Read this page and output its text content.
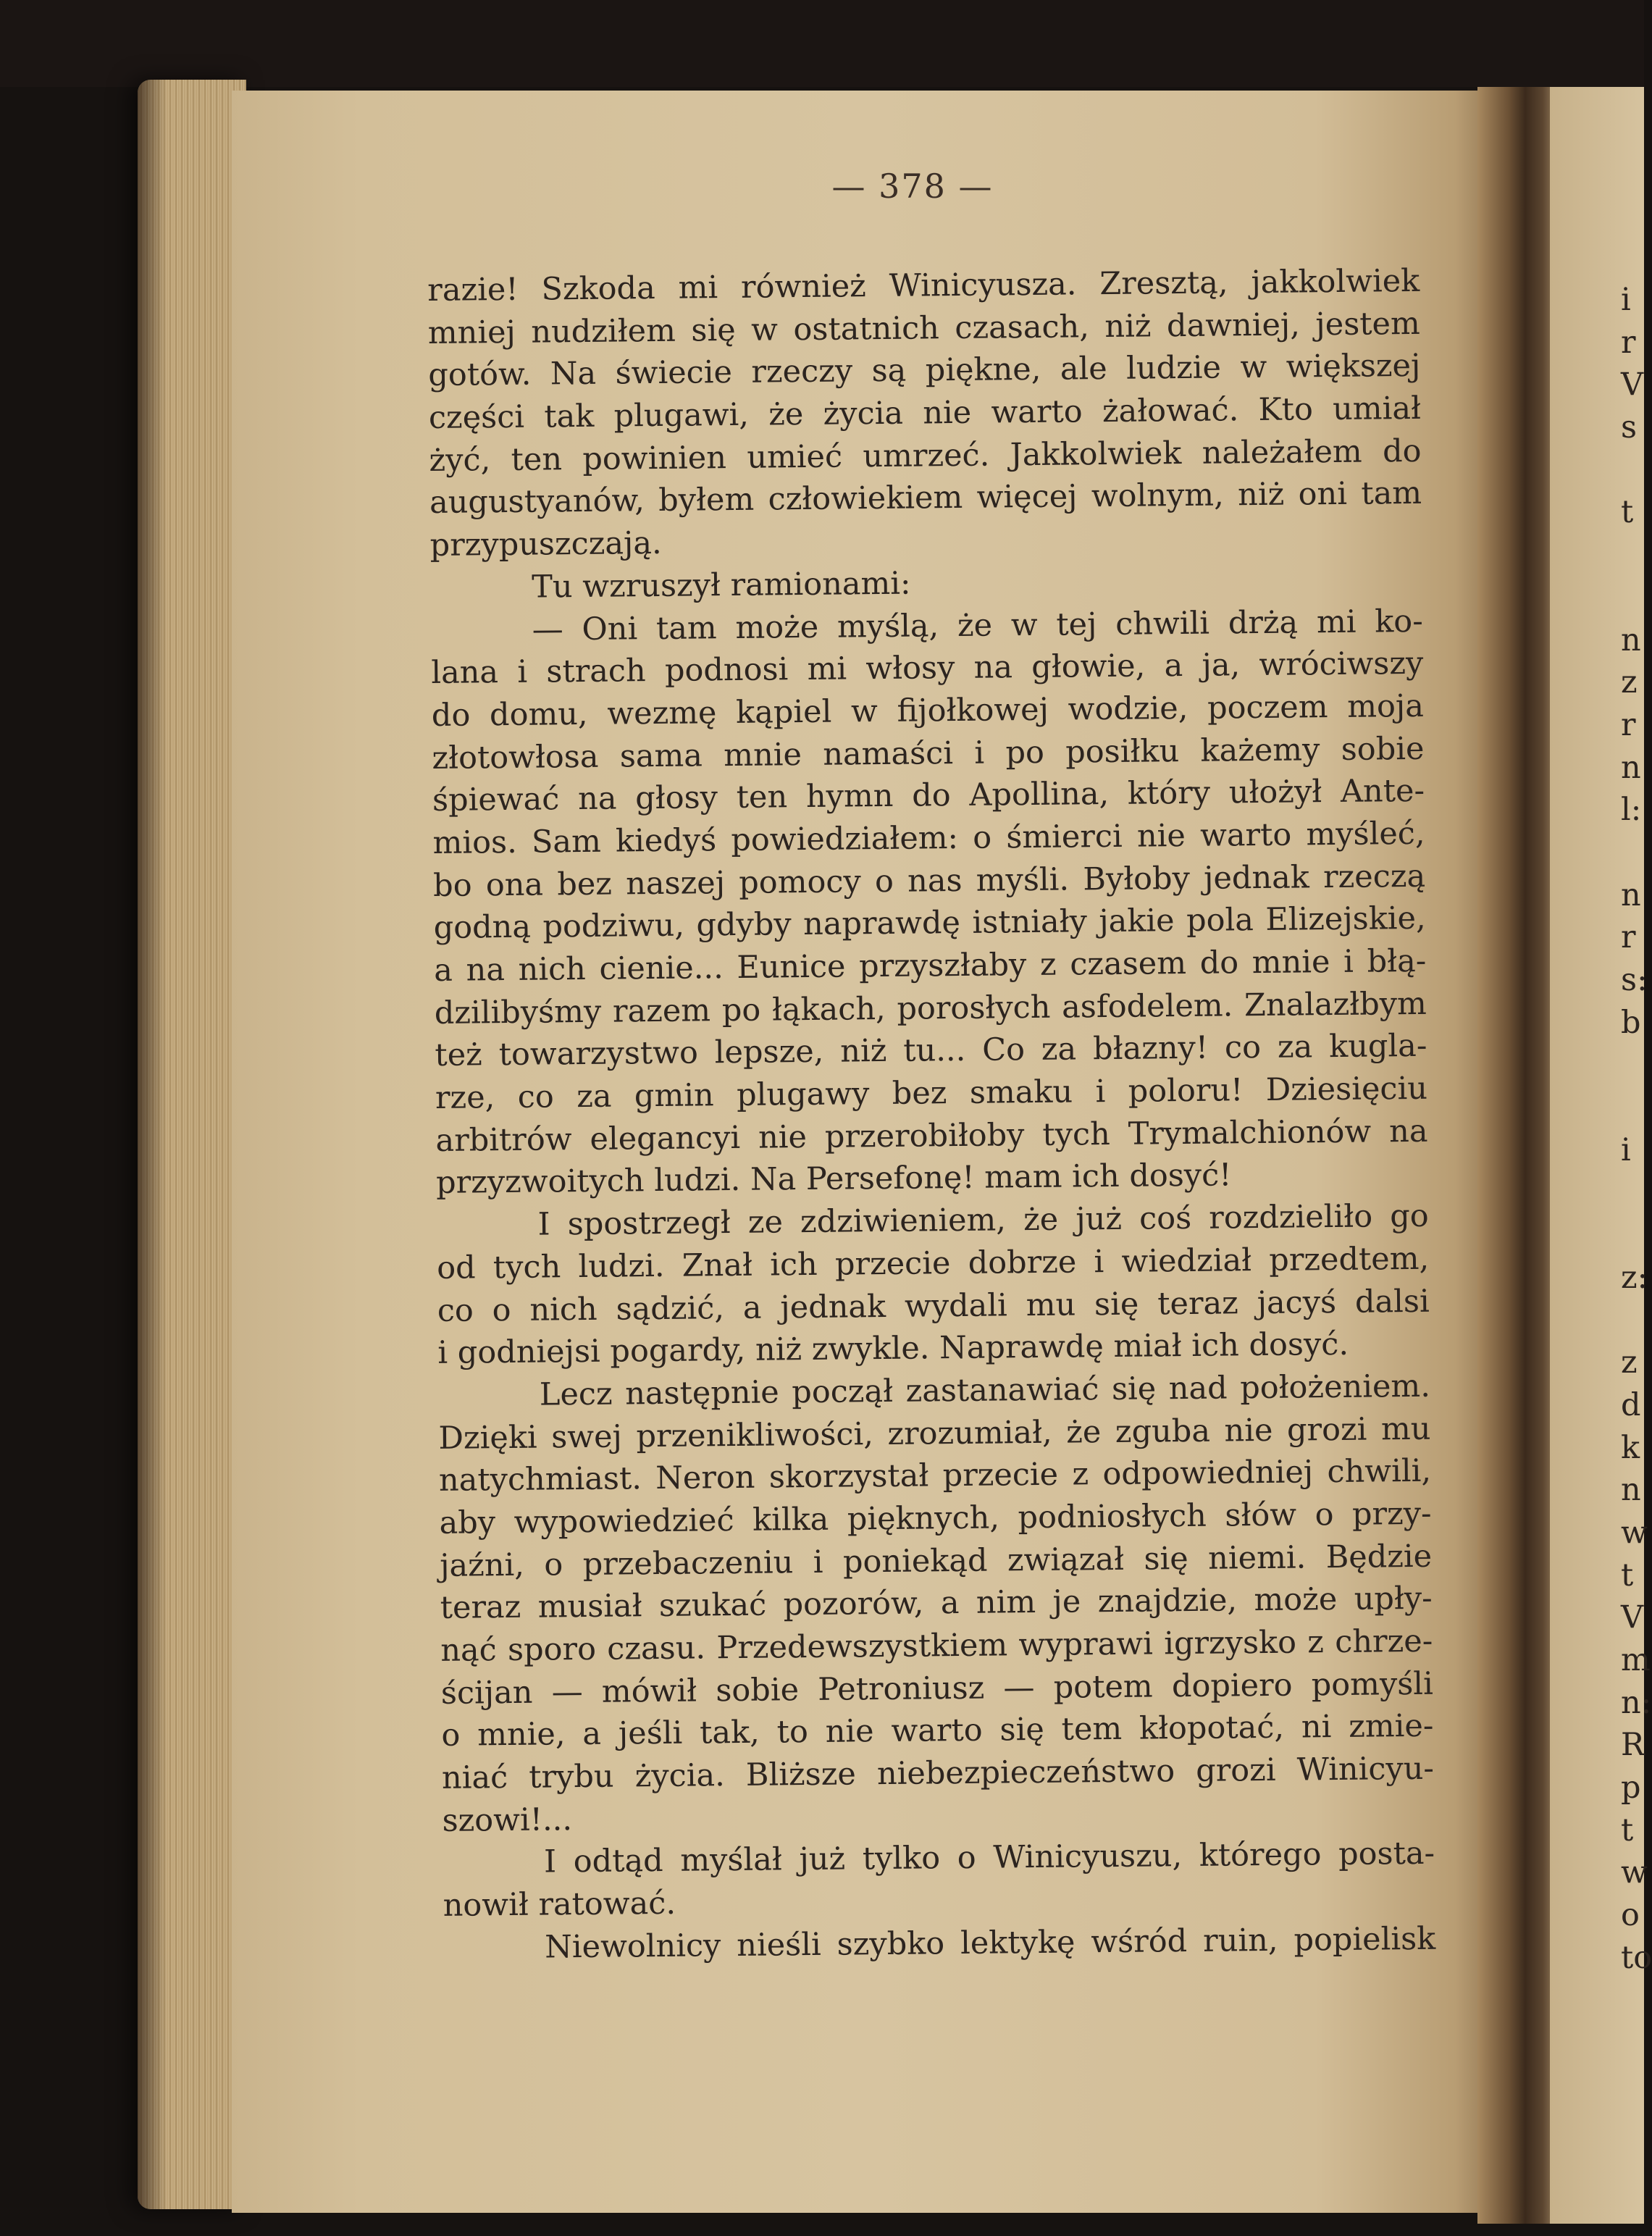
— 378 —
razie! Szkoda mi również Winicyusza. Zresztą, jakkolwiek
mniej nudziłem się w ostatnich czasach, niż dawniej, jestem
gotów. Na świecie rzeczy są piękne, ale ludzie w większej
części tak plugawi, że życia nie warto żałować. Kto umiał
żyć, ten powinien umieć umrzeć. Jakkolwiek należałem do
augustyanów, byłem człowiekiem więcej wolnym, niż oni tam
przypuszczają.
Tu wzruszył ramionami:
— Oni tam może myślą, że w tej chwili drżą mi ko-
lana i strach podnosi mi włosy na głowie, a ja, wróciwszy
do domu, wezmę kąpiel w fijołkowej wodzie, poczem moja
złotowłosa sama mnie namaści i po posiłku każemy sobie
śpiewać na głosy ten hymn do Apollina, który ułożył Ante-
mios. Sam kiedyś powiedziałem: o śmierci nie warto myśleć,
bo ona bez naszej pomocy o nas myśli. Byłoby jednak rzeczą
godną podziwu, gdyby naprawdę istniały jakie pola Elizejskie,
a na nich cienie... Eunice przyszłaby z czasem do mnie i błą-
dzilibyśmy razem po łąkach, porosłych asfodelem. Znalazłbym
też towarzystwo lepsze, niż tu... Co za błazny! co za kugla-
rze, co za gmin plugawy bez smaku i poloru! Dziesięciu
arbitrów elegancyi nie przerobiłoby tych Trymalchionów na
przyzwoitych ludzi. Na Persefonę! mam ich dosyć!
I spostrzegł ze zdziwieniem, że już coś rozdzieliło go
od tych ludzi. Znał ich przecie dobrze i wiedział przedtem,
co o nich sądzić, a jednak wydali mu się teraz jacyś dalsi
i godniejsi pogardy, niż zwykle. Naprawdę miał ich dosyć.
Lecz następnie począł zastanawiać się nad położeniem.
Dzięki swej przenikliwości, zrozumiał, że zguba nie grozi mu
natychmiast. Neron skorzystał przecie z odpowiedniej chwili,
aby wypowiedzieć kilka pięknych, podniosłych słów o przy-
jaźni, o przebaczeniu i poniekąd związał się niemi. Będzie
teraz musiał szukać pozorów, a nim je znajdzie, może upły-
nąć sporo czasu. Przedewszystkiem wyprawi igrzysko z chrze-
ścijan — mówił sobie Petroniusz — potem dopiero pomyśli
o mnie, a jeśli tak, to nie warto się tem kłopotać, ni zmie-
niać trybu życia. Bliższe niebezpieczeństwo grozi Winicyu-
szowi!...
I odtąd myślał już tylko o Winicyuszu, którego posta-
nowił ratować.
Niewolnicy nieśli szybko lektykę wśród ruin, popielisk
i
r
V
s
t
n
z
r
n
l:
n
r
s:
b
i
z:
z
d
k
n
w
t
V
m
n:
R
p
t
w
o
to
